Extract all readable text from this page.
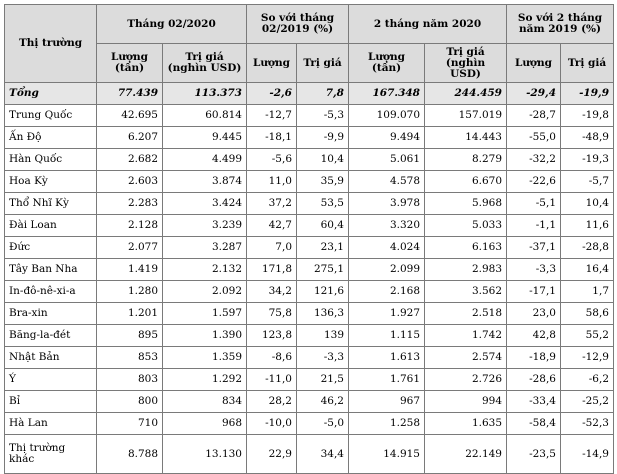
Thị trường	Tháng 02/2020		So với tháng 02/2019 (%)		2 tháng năm 2020		So với 2 tháng năm 2019 (%)	
	Lượng (tấn)	Trị giá (nghìn USD)	Lượng	Trị giá	Lượng (tấn)	Trị giá (nghìn USD)	Lượng	Trị giá
Tổng	77.439	113.373	-2,6	7,8	167.348	244.459	-29,4	-19,9
Trung Quốc	42.695	60.814	-12,7	-5,3	109.070	157.019	-28,7	-19,8
Ấn Độ	6.207	9.445	-18,1	-9,9	9.494	14.443	-55,0	-48,9
Hàn Quốc	2.682	4.499	-5,6	10,4	5.061	8.279	-32,2	-19,3
Hoa Kỳ	2.603	3.874	11,0	35,9	4.578	6.670	-22,6	-5,7
Thổ Nhĩ Kỳ	2.283	3.424	37,2	53,5	3.978	5.968	-5,1	10,4
Đài Loan	2.128	3.239	42,7	60,4	3.320	5.033	-1,1	11,6
Đức	2.077	3.287	7,0	23,1	4.024	6.163	-37,1	-28,8
Tây Ban Nha	1.419	2.132	171,8	275,1	2.099	2.983	-3,3	16,4
In-đô-nê-xi-a	1.280	2.092	34,2	121,6	2.168	3.562	-17,1	1,7
Bra-xin	1.201	1.597	75,8	136,3	1.927	2.518	23,0	58,6
Băng-la-đét	895	1.390	123,8	139	1.115	1.742	42,8	55,2
Nhật Bản	853	1.359	-8,6	-3,3	1.613	2.574	-18,9	-12,9
Ý	803	1.292	-11,0	21,5	1.761	2.726	-28,6	-6,2
Bỉ	800	834	28,2	46,2	967	994	-33,4	-25,2
Hà Lan	710	968	-10,0	-5,0	1.258	1.635	-58,4	-52,3
Thị trường khác	8.788	13.130	22,9	34,4	14.915	22.149	-23,5	-14,9
